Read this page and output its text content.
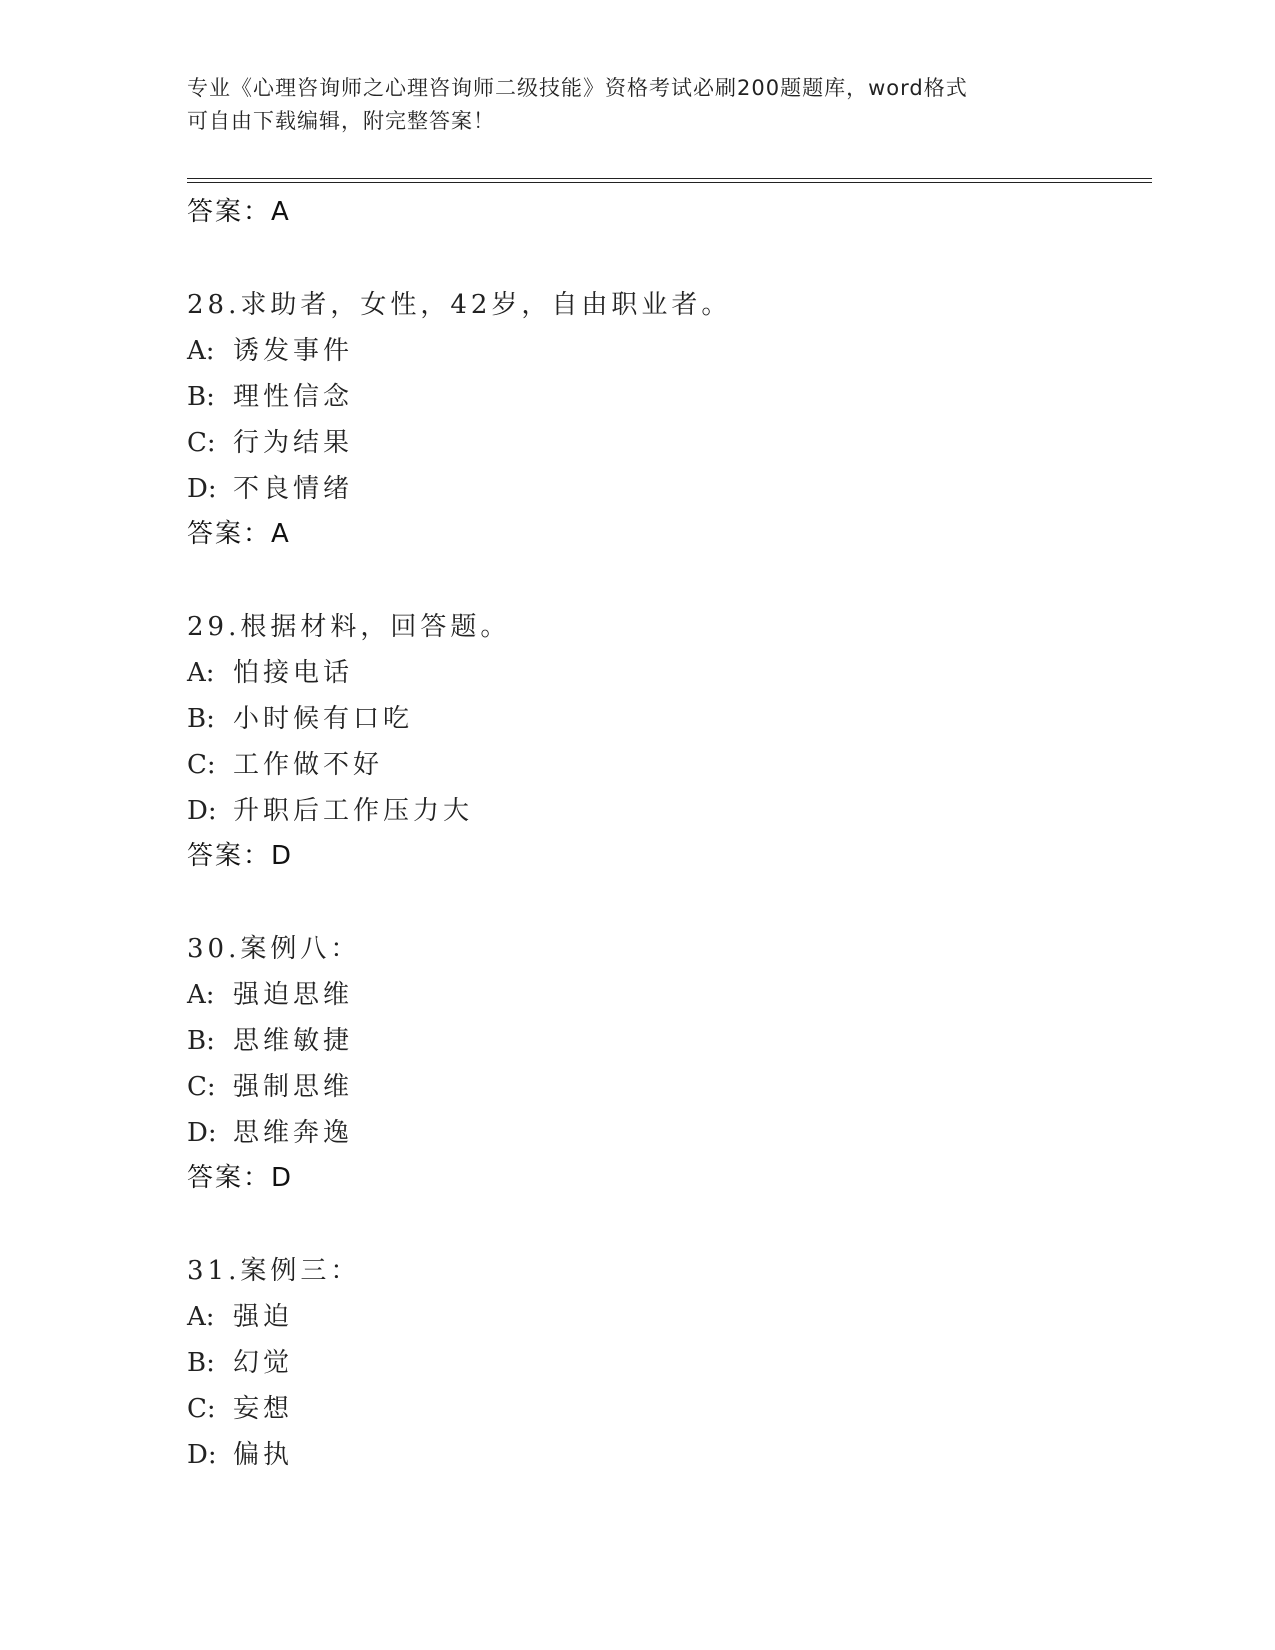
专业《心理咨询师之心理咨询师二级技能》资格考试必刷200题题库，word格式
可自由下载编辑，附完整答案！
答案：A
28.求助者，女性，42岁，自由职业者。
A: 诱发事件
B: 理性信念
C: 行为结果
D: 不良情绪
答案：A
29.根据材料，回答题。
A: 怕接电话
B: 小时候有口吃
C: 工作做不好
D: 升职后工作压力大
答案：D
30.案例八：
A: 强迫思维
B: 思维敏捷
C: 强制思维
D: 思维奔逸
答案：D
31.案例三：
A: 强迫
B: 幻觉
C: 妄想
D: 偏执
